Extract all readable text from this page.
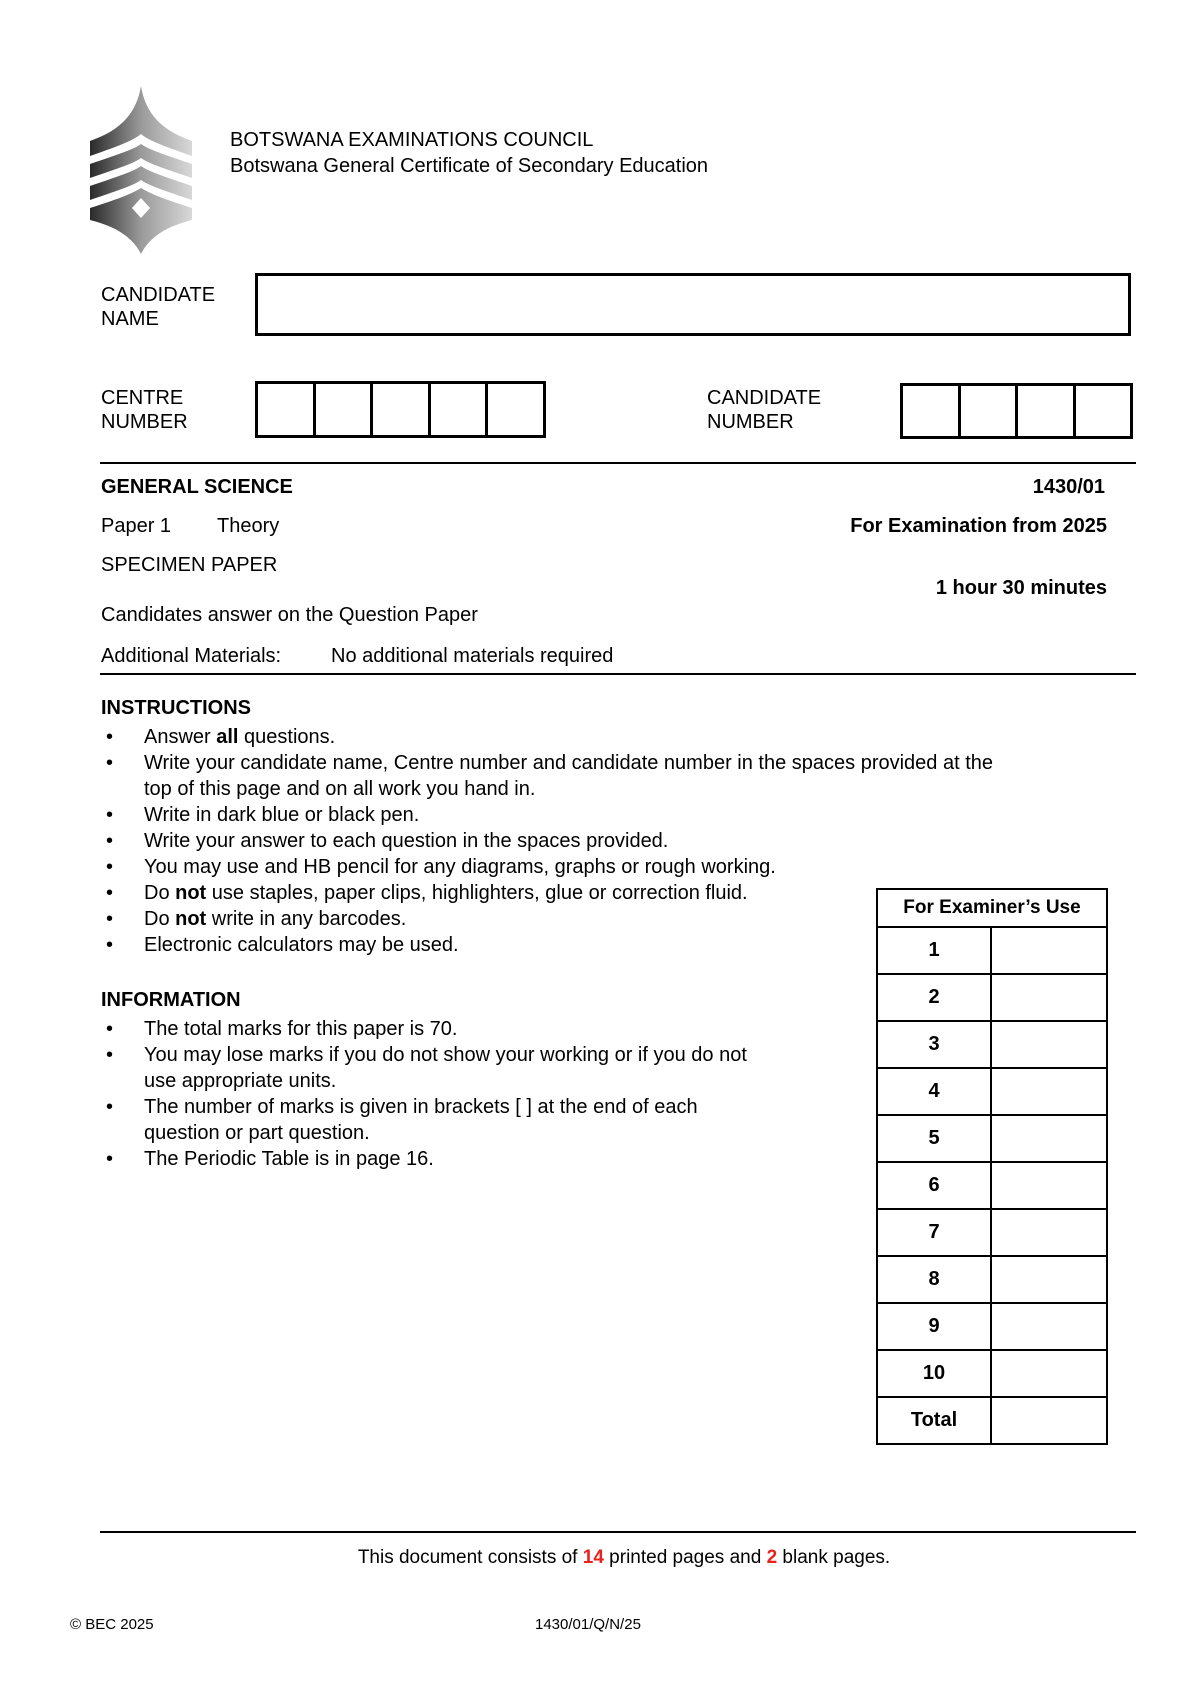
BOTSWANA EXAMINATIONS COUNCIL
Botswana General Certificate of Secondary Education
CANDIDATE
NAME
CENTRE
NUMBER
CANDIDATE
NUMBER
GENERAL SCIENCE	1430/01
Paper 1 Theory	For Examination from 2025
SPECIMEN PAPER
1 hour 30 minutes
Candidates answer on the Question Paper
Additional Materials: No additional materials required
INSTRUCTIONS
• Answer all questions.
• Write your candidate name, Centre number and candidate number in the spaces provided at the
top of this page and on all work you hand in.
• Write in dark blue or black pen.
• Write your answer to each question in the spaces provided.
• You may use and HB pencil for any diagrams, graphs or rough working.
• Do not use staples, paper clips, highlighters, glue or correction fluid.
• Do not write in any barcodes.
• Electronic calculators may be used.
INFORMATION
• The total marks for this paper is 70.
• You may lose marks if you do not show your working or if you do not
use appropriate units.
• The number of marks is given in brackets [ ] at the end of each
question or part question.
• The Periodic Table is in page 16.
For Examiner’s Use	
1	
2	
3	
4	
5	
6	
7	
8	
9	
10	
Total	
This document consists of 14 printed pages and 2 blank pages.
© BEC 2025	1430/01/Q/N/25
